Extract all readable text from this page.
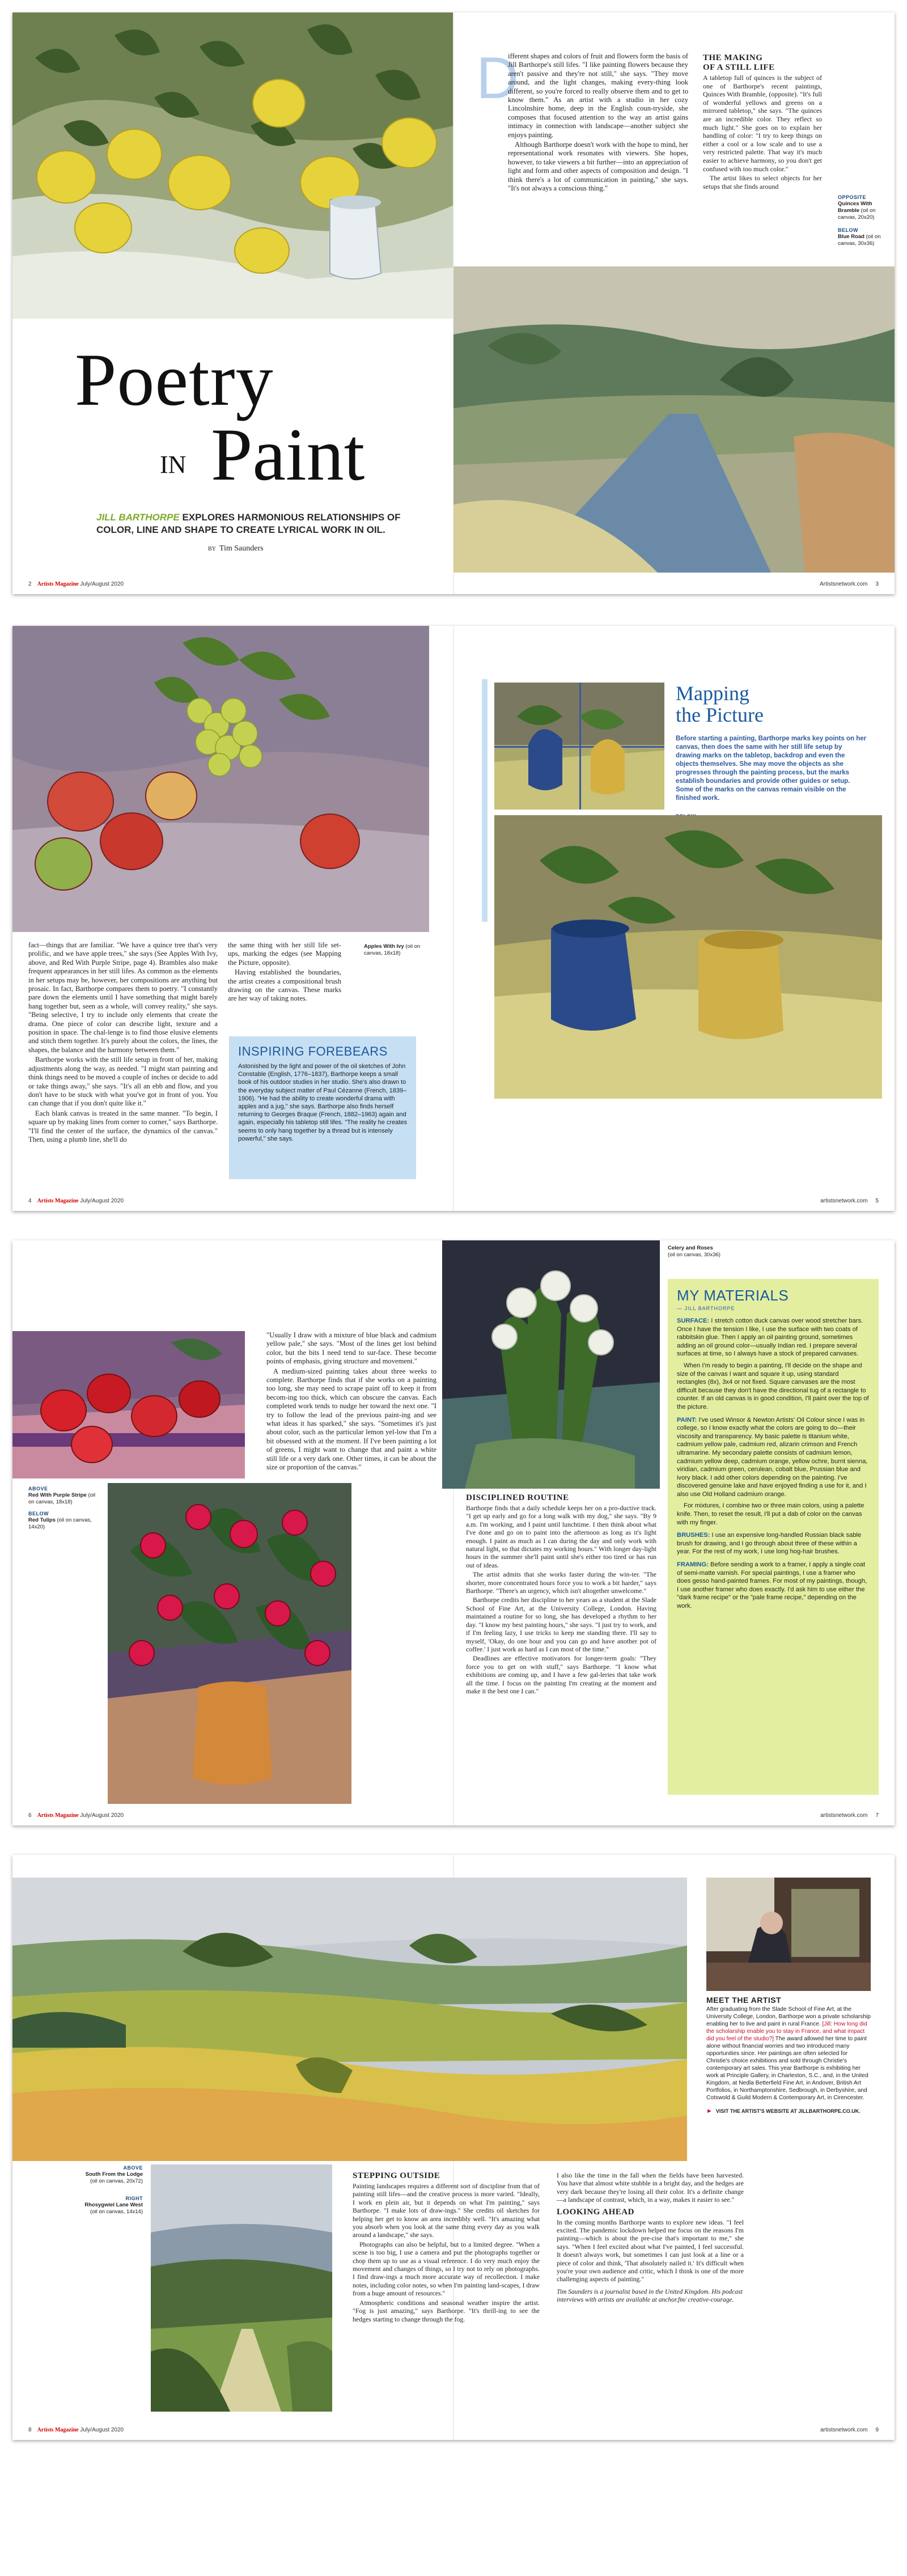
Poetry
IN Paint
JILL BARTHORPE EXPLORES HARMONIOUS RELATIONSHIPS OF COLOR, LINE AND SHAPE TO CREATE LYRICAL WORK IN OIL.
BY Tim Saunders
2 Artists Magazine July/August 2020
D

ifferent shapes and colors of fruit and flowers form the basis of Jill Barthorpe's still lifes. "I like painting flowers because they aren't passive and they're not still," she says. "They move around, and the light changes, making every-thing look different, so you're forced to really observe them and to get to know them." As an artist with a studio in her cozy Lincolnshire home, deep in the English coun-tryside, she composes that focused attention to the way an artist gains intimacy in connection with landscape—another subject she enjoys painting.

Although Barthorpe doesn't work with the hope to mind, her representational work resonates with viewers. She hopes, however, to take viewers a bit further—into an appreciation of light and form and other aspects of composition and design. "I think there's a lot of communication in painting," she says. "It's not always a conscious thing."

THE MAKING
OF A STILL LIFE

A tabletop full of quinces is the subject of one of Barthorpe's recent paintings, Quinces With Bramble, (opposite). "It's full of wonderful yellows and greens on a mirrored tabletop," she says. "The quinces are an incredible color. They reflect so much light." She goes on to explain her handling of color: "I try to keep things on either a cool or a low scale and to use a very restricted palette. That way it's much easier to achieve harmony, so you don't get confused with too much color."

The artist likes to select objects for her setups that she finds around

OPPOSITE
Quinces With Bramble (oil on canvas, 20x20)
BELOW
Blue Road (oil on canvas, 30x36)
Artistsnetwork.com 3

fact—things that are familiar. "We have a quince tree that's very prolific, and we have apple trees," she says (See Apples With Ivy, above, and Red With Purple Stripe, page 4). Brambles also make frequent appearances in her still lifes. As common as the elements in her setups may be, however, her compositions are anything but prosaic. In fact, Barthorpe compares them to poetry. "I constantly pare down the elements until I have something that might barely hang together but, seen as a whole, will convey reality," she says. "Being selective, I try to include only elements that create the drama. One piece of color can describe light, texture and a position in space. The chal-lenge is to find those elusive elements and stitch them together. It's purely about the colors, the lines, the shapes, the balance and the harmony between them."

Barthorpe works with the still life setup in front of her, making adjustments along the way, as needed. "I might start painting and think things need to be moved a couple of inches or decide to add or take things away," she says. "It's all an ebb and flow, and you don't have to be stuck with what you've got in front of you. You can change that if you don't quite like it."

Each blank canvas is treated in the same manner. "To begin, I square up by making lines from corner to corner," says Barthorpe. "I'll find the center of the surface, the dynamics of the canvas." Then, using a plumb line, she'll do

the same thing with her still life set-ups, marking the edges (see Mapping the Picture, opposite).

Having established the boundaries, the artist creates a compositional brush drawing on the canvas. These marks are her way of taking notes.

Apples With Ivy (oil on canvas, 18x18)
INSPIRING FOREBEARS
Astonished by the light and power of the oil sketches of John Constable (English, 1776–1837), Barthorpe keeps a small book of his outdoor studies in her studio. She's also drawn to the everyday subject matter of Paul Cézanne (French, 1839–1906). "He had the ability to create wonderful drama with apples and a jug," she says. Barthorpe also finds herself returning to Georges Braque (French, 1882–1963) again and again, especially his tabletop still lifes. "The reality he creates seems to only hang together by a thread but is intensely powerful," she says.
4 Artists Magazine July/August 2020
Mapping
the Picture
Before starting a painting, Barthorpe marks key points on her canvas, then does the same with her still life setup by drawing marks on the tabletop, backdrop and even the objects themselves. She may move the objects as she progresses through the painting process, but the marks establish boundaries and provide other guides or setup. Some of the marks on the canvas remain visible on the finished work.

artistsnetwork.com 5
ABOVE
Red With Purple Stripe (oil on canvas, 18x18)
BELOW
Red Tulips (oil on canvas, 14x20)

"Usually I draw with a mixture of blue black and cadmium yellow pale," she says. "Most of the lines get lost behind color, but the bits I need tend to sur-face. These become points of emphasis, giving structure and movement."

A medium-sized painting takes about three weeks to complete. Barthorpe finds that if she works on a painting too long, she may need to scrape paint off to keep it from becom-ing too thick, which can obscure the canvas. Each completed work tends to nudge her toward the next one. "I try to follow the lead of the previous paint-ing and see what ideas it has sparked," she says. "Sometimes it's just about color, such as the particular lemon yel-low that I'm a bit obsessed with at the moment. If I've been painting a lot of greens, I might want to change that and paint a white still life or a very dark one. Other times, it can be about the size or proportion of the canvas."

6 Artists Magazine July/August 2020
Celery and Roses
(oil on canvas, 30x36)
MY MATERIALS
— JILL BARTHORPE

SURFACE: I stretch cotton duck canvas over wood stretcher bars. Once I have the tension I like, I use the surface with two coats of rabbitskin glue. Then I apply an oil painting ground, sometimes adding an oil ground color—usually Indian red. I prepare several surfaces at time, so I always have a stock of prepared canvases.

When I'm ready to begin a painting, I'll decide on the shape and size of the canvas I want and square it up, using standard rectangles (8x), 3x4 or not fixed. Square canvases are the most difficult because they don't have the directional tug of a rectangle to counter. If an old canvas is in good condition, I'll paint over the top of the picture.

PAINT: I've used Winsor & Newton Artists' Oil Colour since I was in college, so I know exactly what the colors are going to do—their viscosity and transparency. My basic palette is titanium white, cadmium yellow pale, cadmium red, alizarin crimson and French ultramarine. My secondary palette consists of cadmium lemon, cadmium yellow deep, cadmium orange, yellow ochre, burnt sienna, viridian, cadmium green, cerulean, cobalt blue, Prussian blue and ivory black. I add other colors depending on the painting. I've discovered genuine lake and have enjoyed finding a use for it, and I also use Old Holland cadmium orange.

For mixtures, I combine two or three main colors, using a palette knife. Then, to reset the result, I'll put a dab of color on the canvas with my finger.

BRUSHES: I use an expensive long-handled Russian black sable brush for drawing, and I go through about three of these within a year. For the rest of my work, I use long hog-hair brushes.

FRAMING: Before sending a work to a framer, I apply a single coat of semi-matte varnish. For special paintings, I use a framer who does gesso hand-painted frames. For most of my paintings, though, I use another framer who does exactly. I'd ask him to use either the "dark frame recipe" or the "pale frame recipe," depending on the work.

DISCIPLINED ROUTINE

Barthorpe finds that a daily schedule keeps her on a pro-ductive track. "I get up early and go for a long walk with my dog," she says. "By 9 a.m. I'm working, and I paint until lunchtime. I then think about what I've done and go on to paint into the afternoon as long as it's light enough. I paint as much as I can during the day and only work with natural light, so that dictates my working hours." With longer day-light hours in the summer she'll paint until she's either too tired or has run out of ideas.

The artist admits that she works faster during the win-ter. "The shorter, more concentrated hours force you to work a bit harder," says Barthorpe. "There's an urgency, which isn't altogether unwelcome."

Barthorpe credits her discipline to her years as a student at the Slade School of Fine Art, at the University College, London. Having maintained a routine for so long, she has developed a rhythm to her day. "I know my best painting hours," she says. "I just try to work, and if I'm feeling lazy, I use tricks to keep me standing there. I'll say to myself, 'Okay, do one hour and you can go and have another pot of coffee.' I just work as hard as I can most of the time."

Deadlines are effective motivators for longer-term goals: "They force you to get on with stuff," says Barthorpe. "I know what exhibitions are coming up, and I have a few gal-leries that take work all the time. I focus on the painting I'm creating at the moment and make it the best one I can."

artistsnetwork.com 7
8 Artists Magazine July/August 2020
ABOVE
South From the Lodge (oil on canvas, 20x72)
RIGHT
Rhosygwiel Lane West (oil on canvas, 14x14)
MEET THE ARTIST
After graduating from the Slade School of Fine Art, at the University College, London, Barthorpe won a private scholarship enabling her to live and paint in rural France. [Jill: How long did the scholarship enable you to stay in France, and what impact did you feel of the studio?] The award allowed her time to paint alone without financial worries and two introduced many opportunities since. Her paintings are often selected for Christie's choice exhibitions and sold through Christie's contemporary art sales. This year Barthorpe is exhibiting her work at Principle Gallery, in Charleston, S.C., and, in the United Kingdom, at Nedla Betterfield Fine Art, in Andover, British Art Portfolios, in Northamptonshire, Sedbrough, in Derbyshire, and Cotswold & Guild Modern & Contemporary Art, in Cirencester.
► VISIT THE ARTIST'S WEBSITE AT JILLBARTHORPE.CO.UK.
artistsnetwork.com 9
STEPPING OUTSIDE

Painting landscapes requires a different sort of discipline from that of painting still lifes—and the creative process is more varied. "Ideally, I work en plein air, but it depends on what I'm painting," says Barthorpe. "I make lots of draw-ings." She credits oil sketches for helping her get to know an area incredibly well. "It's amazing what you absorb when you look at the same thing every day as you walk around a landscape," she says.

Photographs can also be helpful, but to a limited degree. "When a scene is too big, I use a camera and put the photographs together or chop them up to use as a visual reference. I do very much enjoy the movement and changes of things, so I try not to rely on photographs. I find draw-ings a much more accurate way of recollection. I make notes, including color notes, so when I'm painting land-scapes, I draw from a huge amount of resources."

Atmospheric conditions and seasonal weather inspire the artist. "Fog is just amazing," says Barthorpe. "It's thrill-ing to see the hedges starting to change through the fog.

I also like the time in the fall when the fields have been harvested. You have that almost white stubble in a bright day, and the hedges are very dark because they're losing all their color. It's a definite change—a landscape of contrast, which, in a way, makes it easier to see."

LOOKING AHEAD

In the coming months Barthorpe wants to explore new ideas. "I feel excited. The pandemic lockdown helped me focus on the reasons I'm painting—which is about the pre-cise that's important to me," she says. "When I feel excited about what I've painted, I feel successful. It doesn't always work, but sometimes I can just look at a line or a piece of color and think, 'That absolutely nailed it.' It's difficult when you're your own audience and critic, which I think is one of the more challenging aspects of painting."

Tim Saunders is a journalist based in the United Kingdom. His podcast interviews with artists are available at anchor.fm/ creative-courage.
